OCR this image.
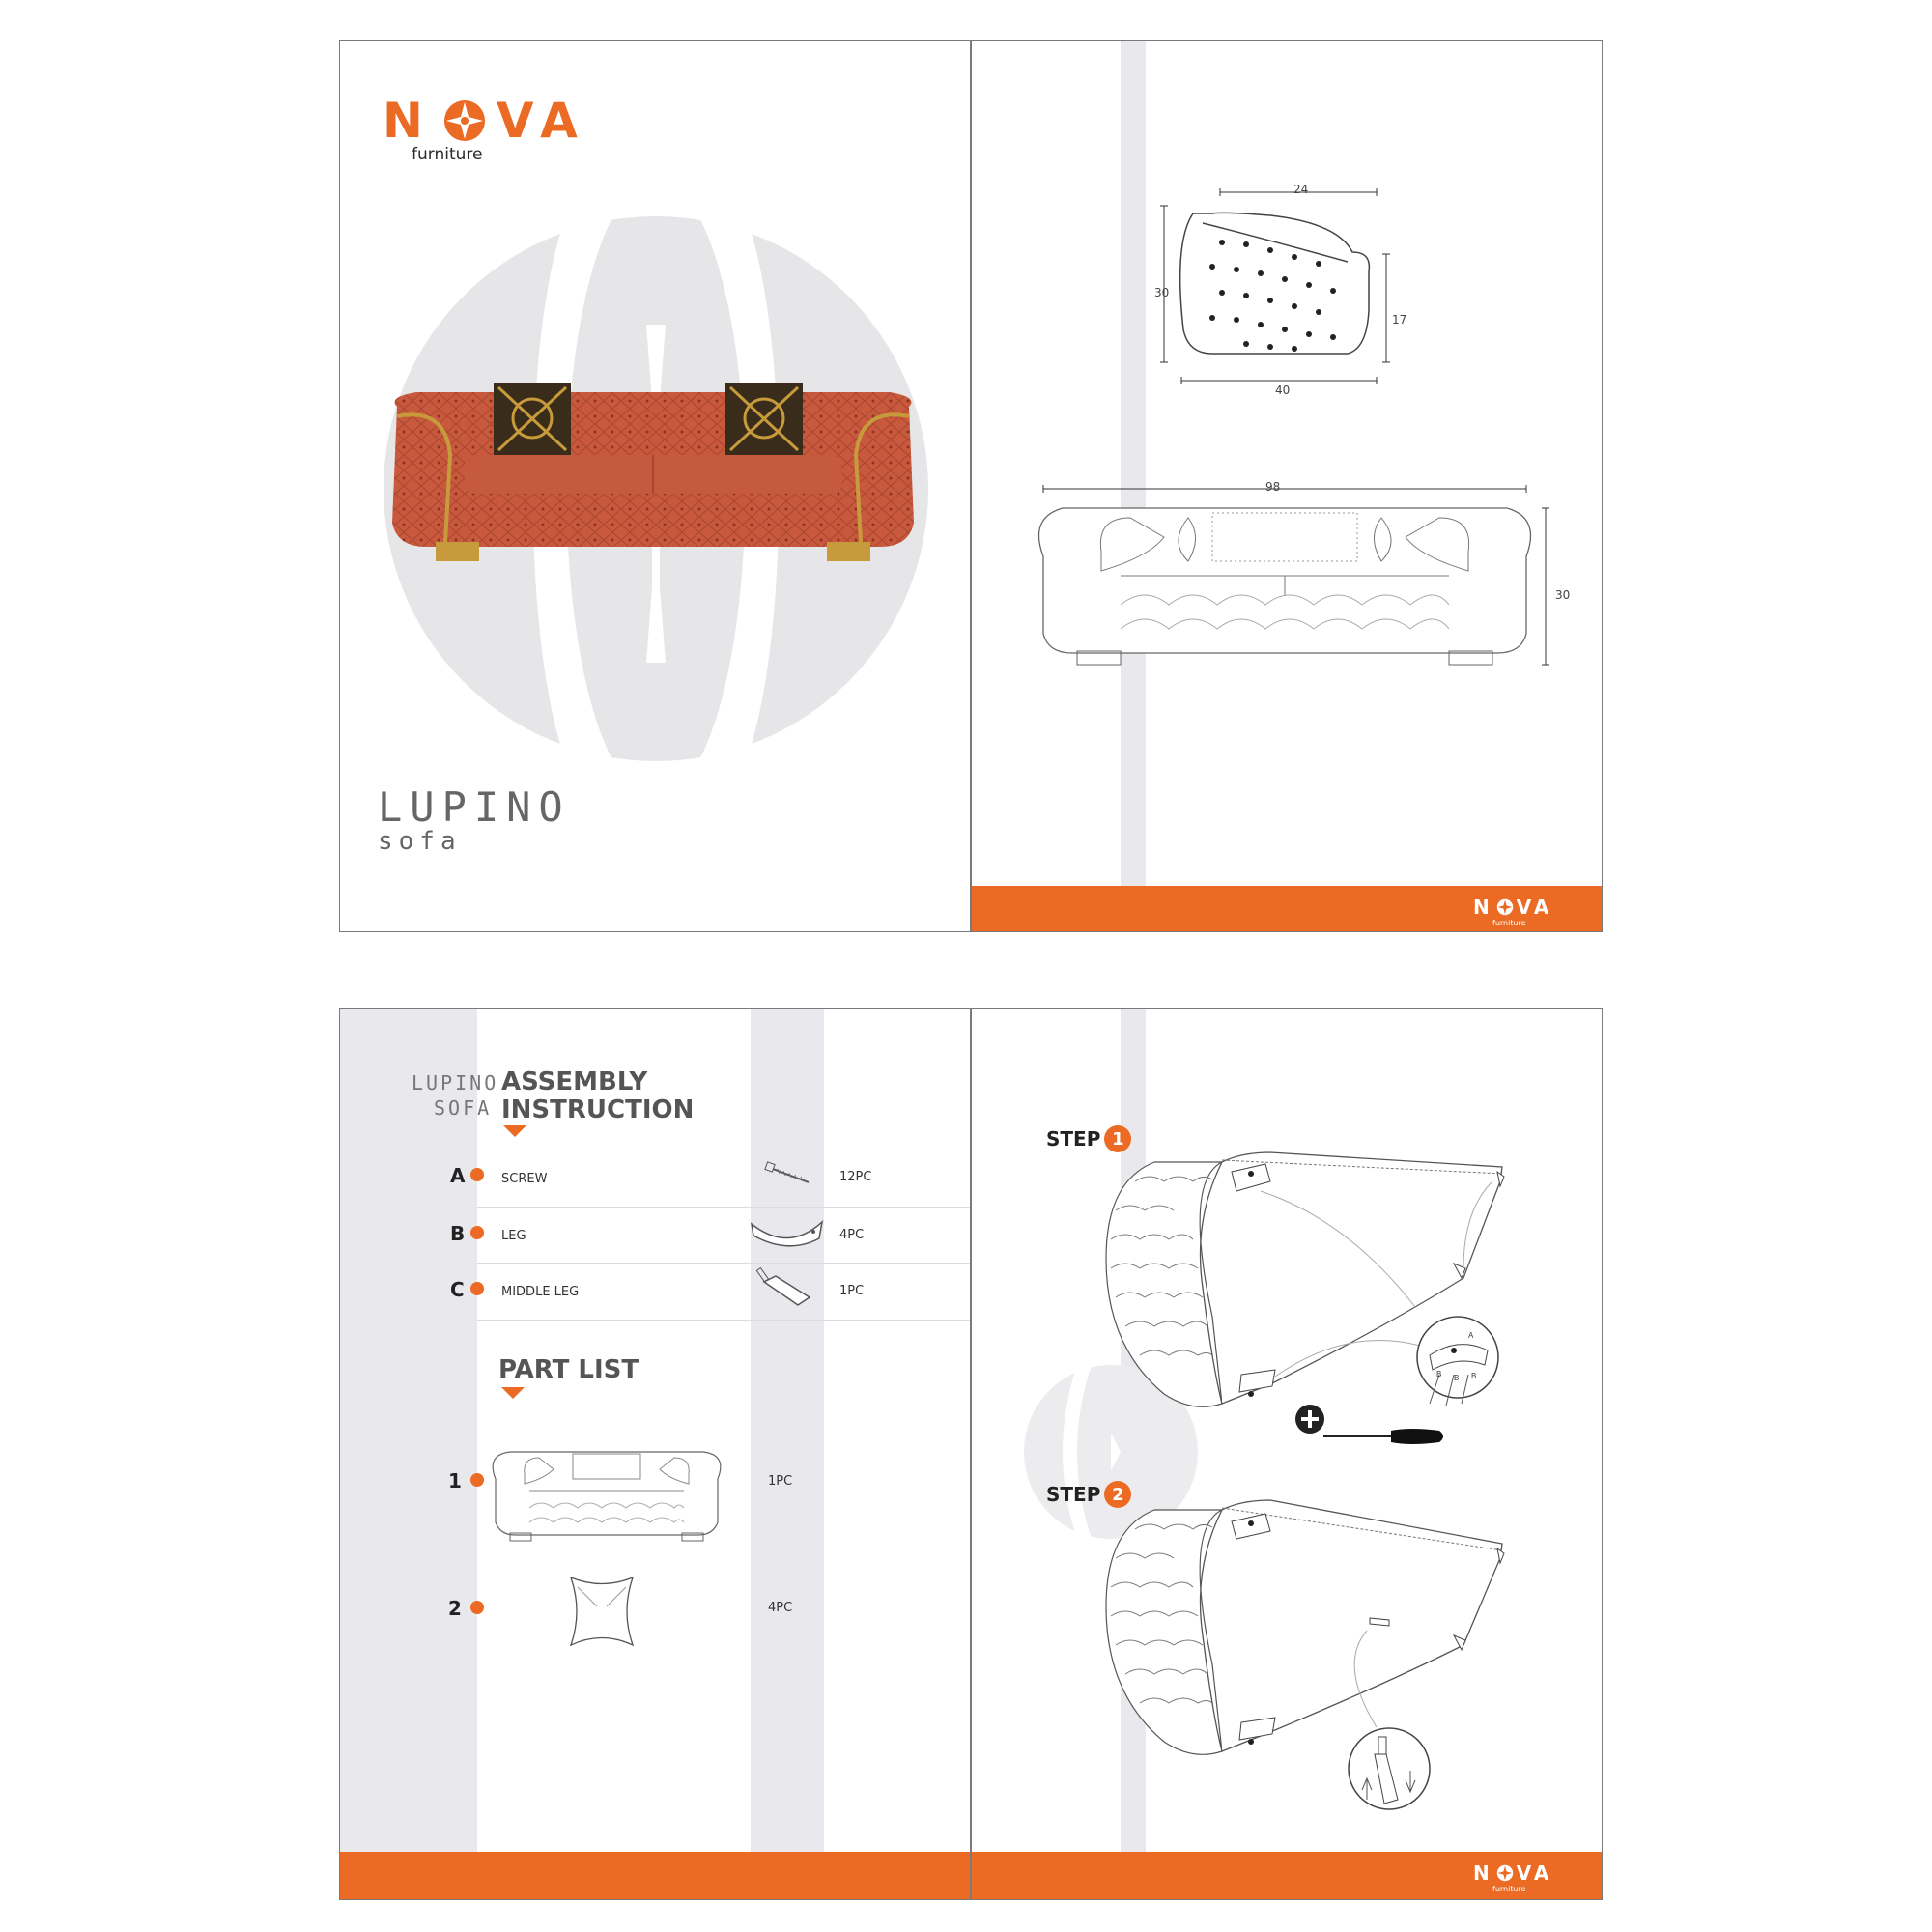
N VA
furniture
LUPINO
sofa
24
30
17
40
98
30
N VA
furniture
LUPINO
SOFA
ASSEMBLY
INSTRUCTION
A	SCREW	12PC
B	LEG	4PC
C	MIDDLE LEG	1PC
PART LIST
1	1PC
2	4PC
STEP 1
A
B B B
STEP 2
N VA
furniture
